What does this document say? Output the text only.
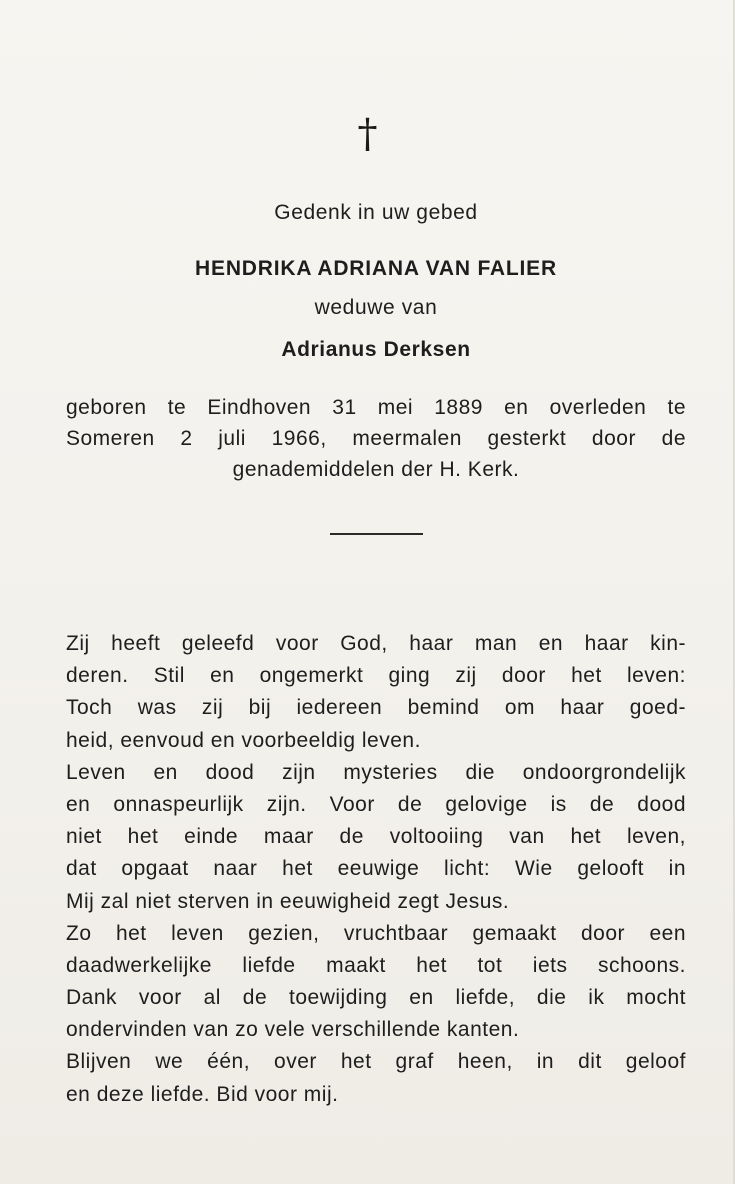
†
Gedenk in uw gebed
HENDRIKA ADRIANA VAN FALIER
weduwe van
Adrianus Derksen
geboren te Eindhoven 31 mei 1889 en overleden te
Someren 2 juli 1966, meermalen gesterkt door de
genademiddelen der H. Kerk.
Zij heeft geleefd voor God, haar man en haar kin-
deren. Stil en ongemerkt ging zij door het leven:
Toch was zij bij iedereen bemind om haar goed-
heid, eenvoud en voorbeeldig leven.
Leven en dood zijn mysteries die ondoorgrondelijk
en onnaspeurlijk zijn. Voor de gelovige is de dood
niet het einde maar de voltooiing van het leven,
dat opgaat naar het eeuwige licht: Wie gelooft in
Mij zal niet sterven in eeuwigheid zegt Jesus.
Zo het leven gezien, vruchtbaar gemaakt door een
daadwerkelijke liefde maakt het tot iets schoons.
Dank voor al de toewijding en liefde, die ik mocht
ondervinden van zo vele verschillende kanten.
Blijven we één, over het graf heen, in dit geloof
en deze liefde. Bid voor mij.
